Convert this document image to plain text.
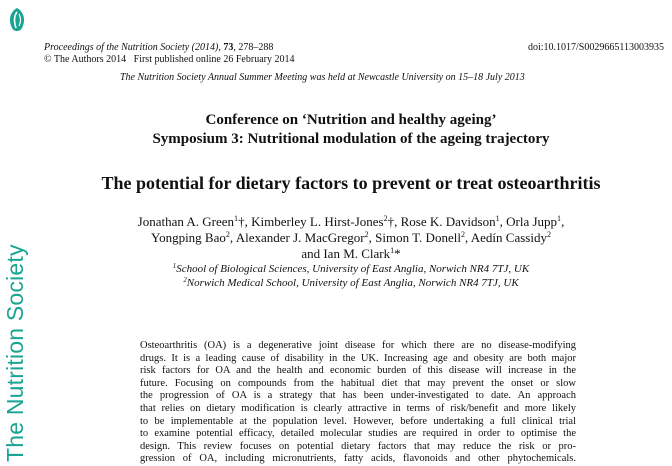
The Nutrition Society
Proceedings of the Nutrition Society (2014), 73, 278–288	doi:10.1017/S0029665113003935
© The Authors 2014 First published online 26 February 2014
The Nutrition Society Annual Summer Meeting was held at Newcastle University on 15–18 July 2013
Conference on ‘Nutrition and healthy ageing’
Symposium 3: Nutritional modulation of the ageing trajectory
The potential for dietary factors to prevent or treat osteoarthritis
Jonathan A. Green$^1$†, Kimberley L. Hirst-Jones$^2$†, Rose K. Davidson$^1$, Orla Jupp$^1$,
Yongping Bao$^2$, Alexander J. MacGregor$^2$, Simon T. Donell$^2$, Aedín Cassidy$^2$
and Ian M. Clark$^1$*
$^1$School of Biological Sciences, University of East Anglia, Norwich NR4 7TJ, UK
$^2$Norwich Medical School, University of East Anglia, Norwich NR4 7TJ, UK
Osteoarthritis (OA) is a degenerative joint disease for which there are no disease-modifying
drugs. It is a leading cause of disability in the UK. Increasing age and obesity are both major
risk factors for OA and the health and economic burden of this disease will increase in the
future. Focusing on compounds from the habitual diet that may prevent the onset or slow
the progression of OA is a strategy that has been under-investigated to date. An approach
that relies on dietary modification is clearly attractive in terms of risk/benefit and more likely
to be implementable at the population level. However, before undertaking a full clinical trial
to examine potential efficacy, detailed molecular studies are required in order to optimise the
design. This review focuses on potential dietary factors that may reduce the risk or pro-
gression of OA, including micronutrients, fatty acids, flavonoids and other phytochemicals.
